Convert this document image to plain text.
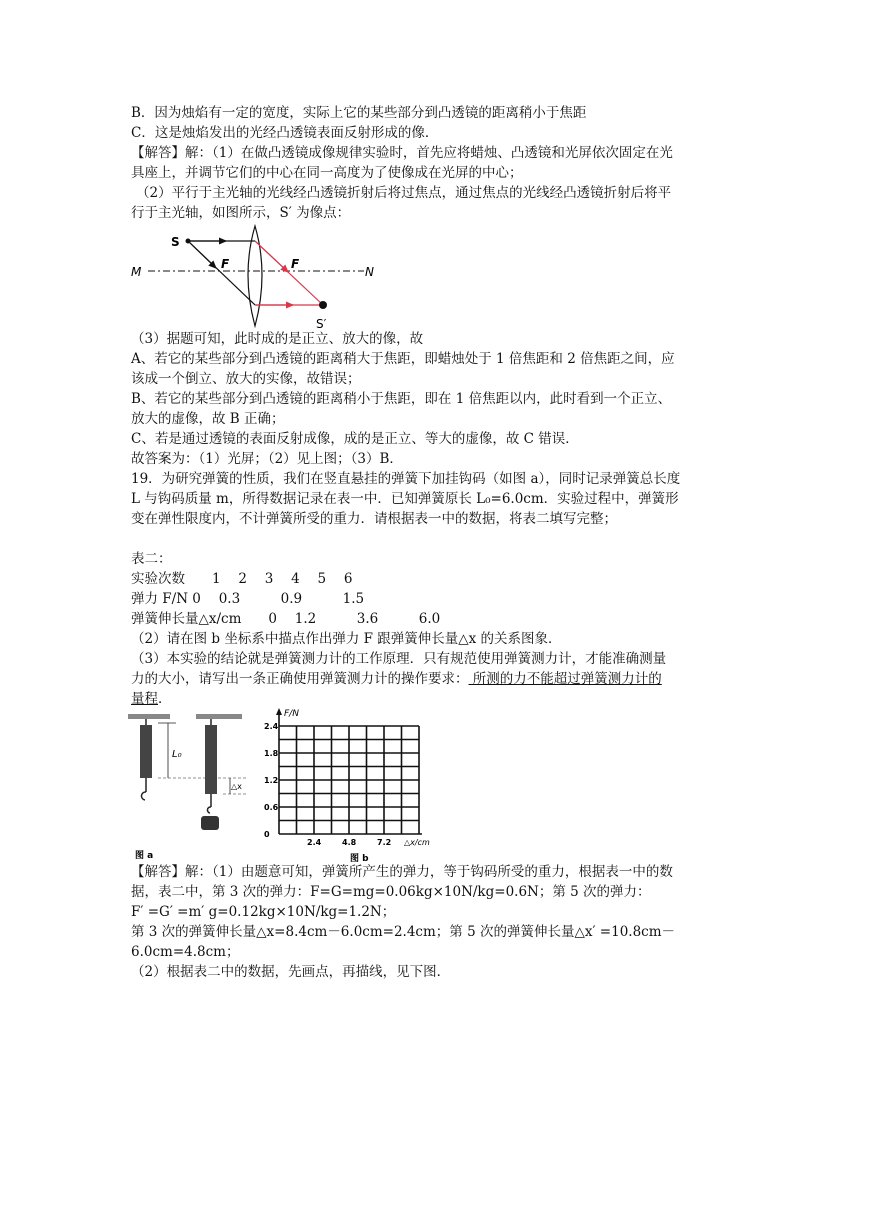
B．因为烛焰有一定的宽度，实际上它的某些部分到凸透镜的距离稍小于焦距
C．这是烛焰发出的光经凸透镜表面反射形成的像．
【解答】解：（1）在做凸透镜成像规律实验时，首先应将蜡烛、凸透镜和光屏依次固定在光
具座上，并调节它们的中心在同一高度为了使像成在光屏的中心；
（2）平行于主光轴的光线经凸透镜折射后将过焦点，通过焦点的光线经凸透镜折射后将平
行于主光轴，如图所示，S′ 为像点：
S
F	F
M	N
S′
（3）据题可知，此时成的是正立、放大的像，故
A、若它的某些部分到凸透镜的距离稍大于焦距，即蜡烛处于 1 倍焦距和 2 倍焦距之间，应
该成一个倒立、放大的实像，故错误；
B、若它的某些部分到凸透镜的距离稍小于焦距，即在 1 倍焦距以内，此时看到一个正立、
放大的虚像，故 B 正确；
C、若是通过透镜的表面反射成像，成的是正立、等大的虚像，故 C 错误．
故答案为：（1）光屏；（2）见上图；（3）B．
19．为研究弹簧的性质，我们在竖直悬挂的弹簧下加挂钩码（如图 a），同时记录弹簧总长度
L 与钩码质量 m，所得数据记录在表一中．已知弹簧原长 L₀=6.0cm．实验过程中，弹簧形
变在弹性限度内，不计弹簧所受的重力．请根据表一中的数据，将表二填写完整；
表二：
实验次数　　1　 2　 3　 4　 5　 6
弹力 F/N 0　 0.3　　　0.9　　　1.5
弹簧伸长量△x/cm　　0　 1.2　　　3.6　　　6.0
（2）请在图 b 坐标系中描点作出弹力 F 跟弹簧伸长量△x 的关系图象．
（3）本实验的结论就是弹簧测力计的工作原理．只有规范使用弹簧测力计，才能准确测量
力的大小，请写出一条正确使用弹簧测力计的操作要求： 所测的力不能超过弹簧测力计的
量程．
L₀
△x
图 a
F/N
0
0.6
1.2
1.8
2.4
2.4	4.8	7.2 △x/cm
图 b
【解答】解：（1）由题意可知，弹簧所产生的弹力，等于钩码所受的重力，根据表一中的数
据，表二中，第 3 次的弹力：F=G=mg=0.06kg×10N/kg=0.6N；第 5 次的弹力：
F′ =G′ =m′ g=0.12kg×10N/kg=1.2N；
第 3 次的弹簧伸长量△x=8.4cm－6.0cm=2.4cm；第 5 次的弹簧伸长量△x′ =10.8cm－
6.0cm=4.8cm；
（2）根据表二中的数据，先画点，再描线，见下图．
